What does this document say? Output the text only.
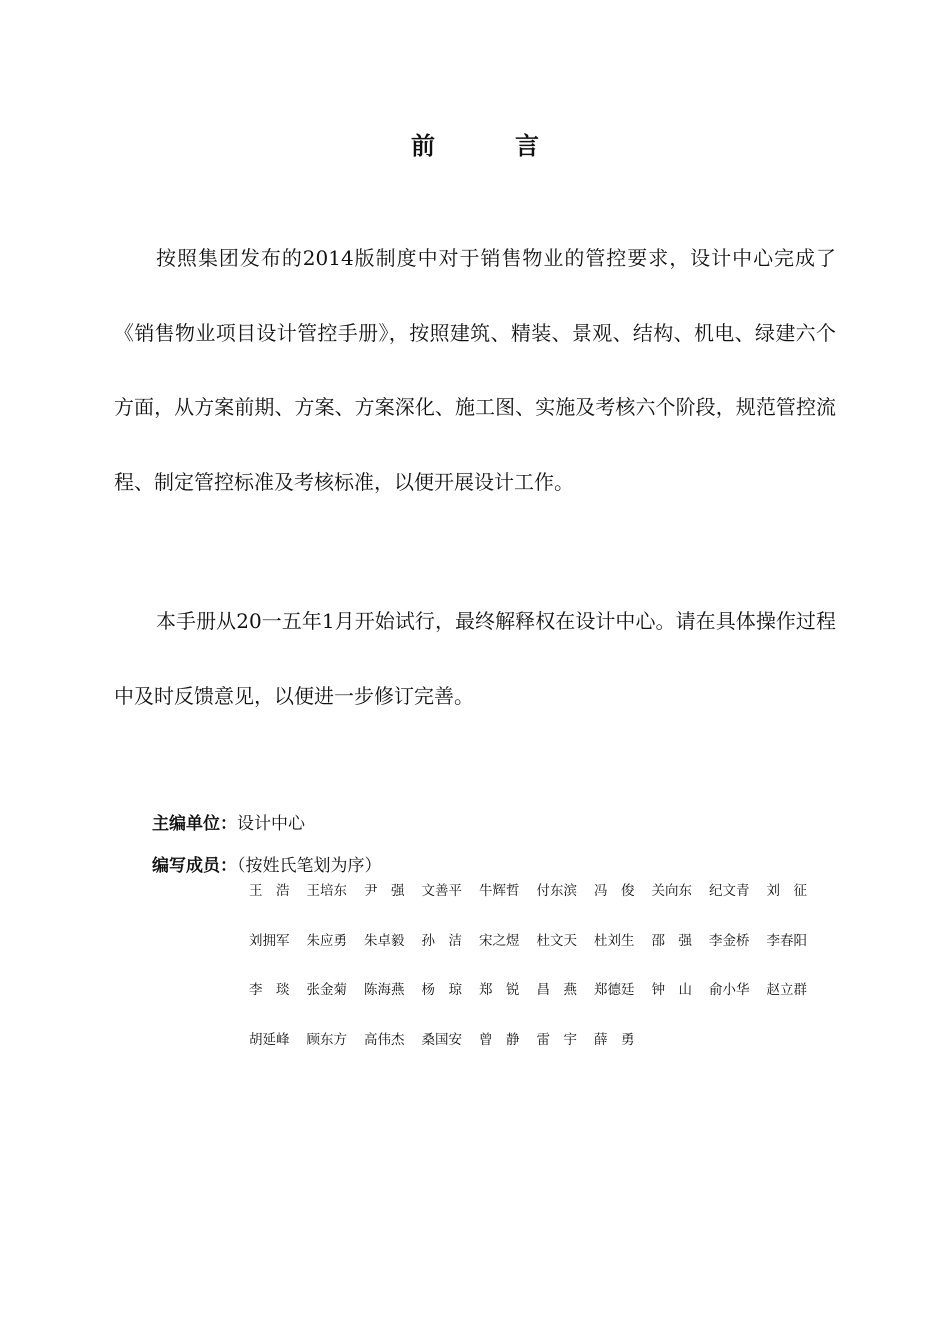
前　言

按照集团发布的2014版制度中对于销售物业的管控要求，设计中心完成了《销售物业项目设计管控手册》，按照建筑、精装、景观、结构、机电、绿建六个方面，从方案前期、方案、方案深化、施工图、实施及考核六个阶段，规范管控流程、制定管控标准及考核标准，以便开展设计工作。

本手册从20一五年1月开始试行，最终解释权在设计中心。请在具体操作过程中及时反馈意见，以便进一步修订完善。

主编单位：设计中心
编写成员：（按姓氏笔划为序）
王　浩 王培东 尹　强 文善平 牛辉哲 付东滨 冯　俊 关向东 纪文青 刘　征
刘拥军 朱应勇 朱卓毅 孙　洁 宋之煜 杜文天 杜刘生 邵　强 李金桥 李春阳
李　琰 张金菊 陈海燕 杨　琼 郑　锐 昌　燕 郑德廷 钟　山 俞小华 赵立群
胡延峰 顾东方 高伟杰 桑国安 曾　静 雷　宇 薛　勇
